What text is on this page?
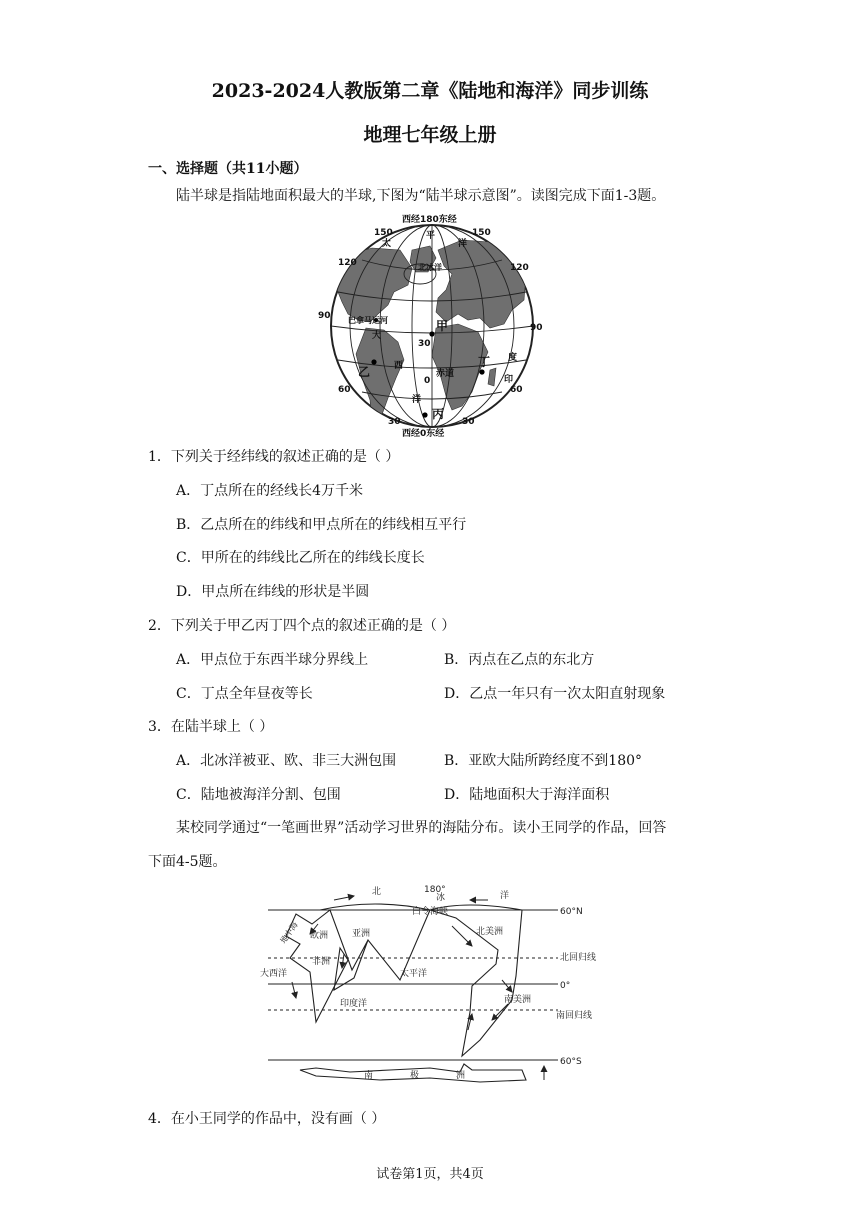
2023-2024人教版第二章《陆地和海洋》同步训练
地理七年级上册
一、选择题（共11小题）
陆半球是指陆地面积最大的半球,下图为“陆半球示意图”。读图完成下面1-3题。
西经180东经
西经0东经
150	150
120	120
90
90
60	60
30	30
30
0
太
平
洋
北冰洋
巴拿马运河	甲
大
西
乙	赤道
丁 度
印
洋
丙
1．下列关于经纬线的叙述正确的是（ ）
A．丁点所在的经线长4万千米
B．乙点所在的纬线和甲点所在的纬线相互平行
C．甲所在的纬线比乙所在的纬线长度长
D．甲点所在纬线的形状是半圆
2．下列关于甲乙丙丁四个点的叙述正确的是（ ）
A．甲点位于东西半球分界线上	B．丙点在乙点的东北方
C．丁点全年昼夜等长	D．乙点一年只有一次太阳直射现象
3．在陆半球上（ ）
A．北冰洋被亚、欧、非三大洲包围	B．亚欧大陆所跨经度不到180°
C．陆地被海洋分割、包围	D．陆地面积大于海洋面积
某校同学通过“一笔画世界”活动学习世界的海陆分布。读小王同学的作品，回答
下面4-5题。
北	180°
冰	洋
60°N
白令海峡
亚洲
欧洲	北美洲
北回归线
非洲
大西洋	太平洋
0°
印度洋	南美洲
南回归线
60°S
南	极	洲
地中海
4．在小王同学的作品中，没有画（ ）
试卷第1页，共4页
